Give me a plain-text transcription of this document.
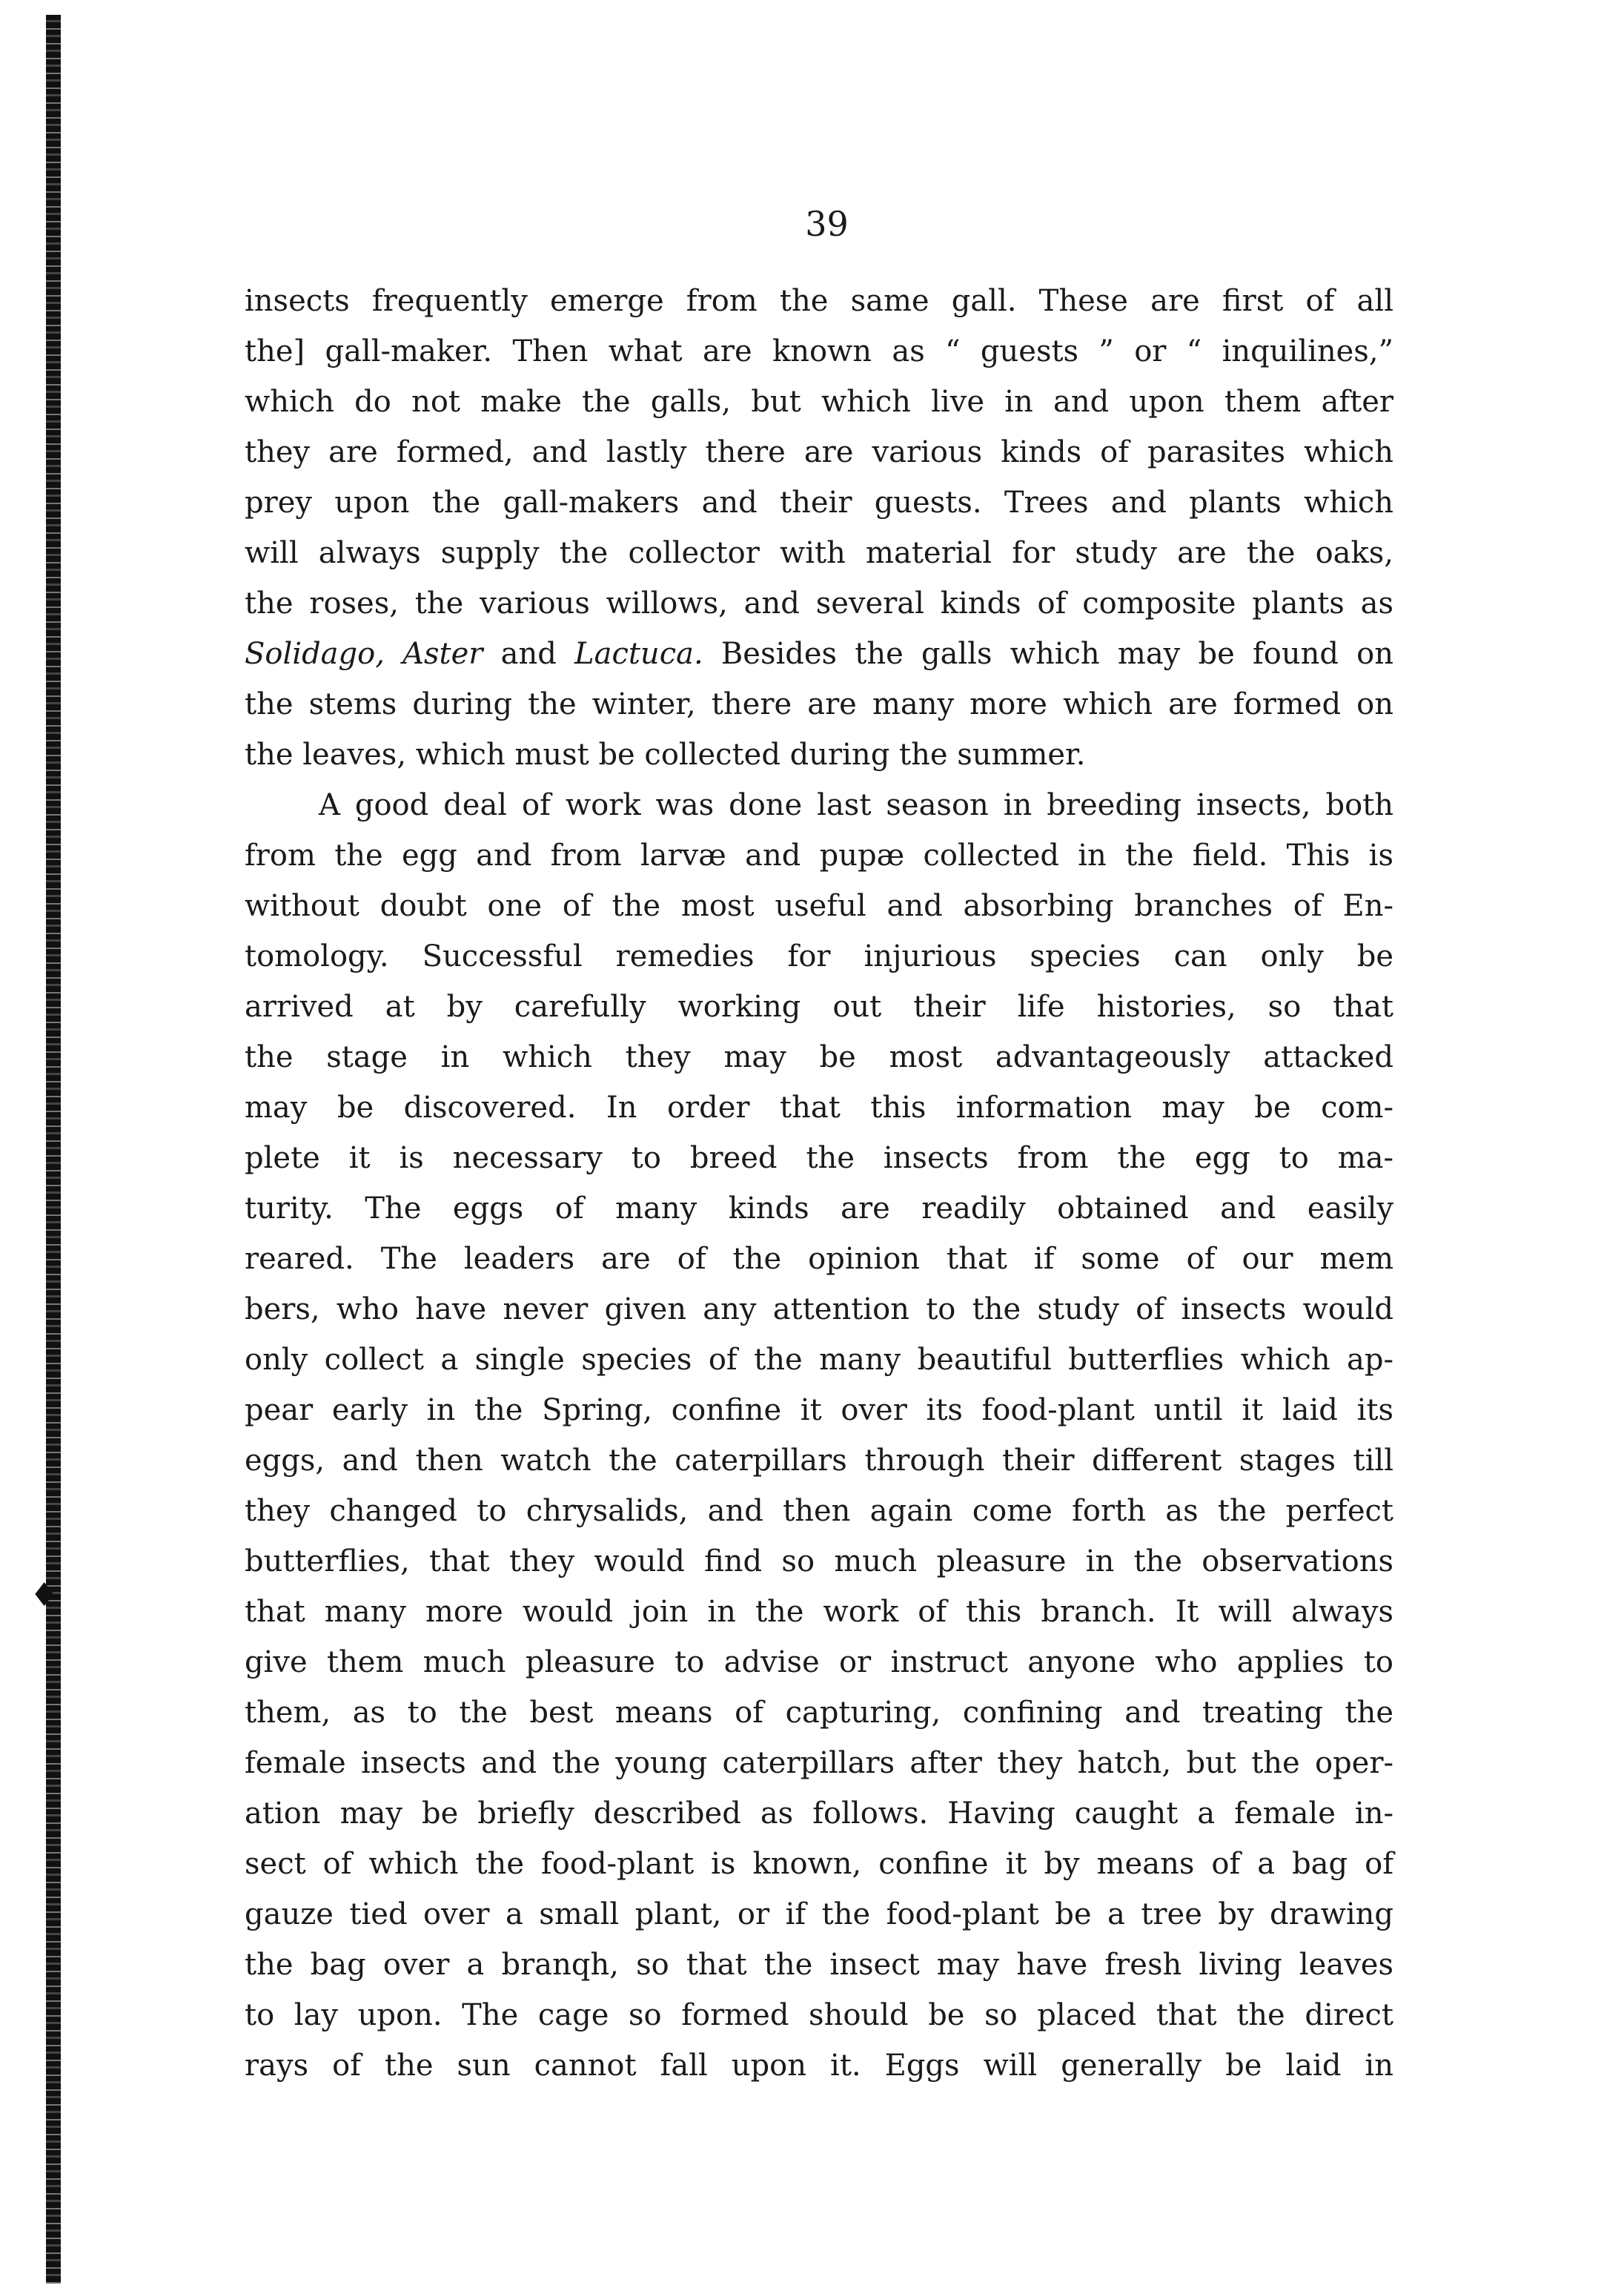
♦
39
insects frequently emerge from the same gall. These are first of all
the] gall-maker. Then what are known as “ guests ” or “ inquilines,”
which do not make the galls, but which live in and upon them after
they are formed, and lastly there are various kinds of parasites which
prey upon the gall-makers and their guests. Trees and plants which
will always supply the collector with material for study are the oaks,
the roses, the various willows, and several kinds of composite plants as
Solidago, Aster and Lactuca. Besides the galls which may be found on
the stems during the winter, there are many more which are formed on
the leaves, which must be collected during the summer.
A good deal of work was done last season in breeding insects, both
from the egg and from larvæ and pupæ collected in the field. This is
without doubt one of the most useful and absorbing branches of En-
tomology. Successful remedies for injurious species can only be
arrived at by carefully working out their life histories, so that
the stage in which they may be most advantageously attacked
may be discovered. In order that this information may be com-
plete it is necessary to breed the insects from the egg to ma-
turity. The eggs of many kinds are readily obtained and easily
reared. The leaders are of the opinion that if some of our mem
bers, who have never given any attention to the study of insects would
only collect a single species of the many beautiful butterflies which ap-
pear early in the Spring, confine it over its food-plant until it laid its
eggs, and then watch the caterpillars through their different stages till
they changed to chrysalids, and then again come forth as the perfect
butterflies, that they would find so much pleasure in the observations
that many more would join in the work of this branch. It will always
give them much pleasure to advise or instruct anyone who applies to
them, as to the best means of capturing, confining and treating the
female insects and the young caterpillars after they hatch, but the oper-
ation may be briefly described as follows. Having caught a female in-
sect of which the food-plant is known, confine it by means of a bag of
gauze tied over a small plant, or if the food-plant be a tree by drawing
the bag over a branqh, so that the insect may have fresh living leaves
to lay upon. The cage so formed should be so placed that the direct
rays of the sun cannot fall upon it. Eggs will generally be laid in
